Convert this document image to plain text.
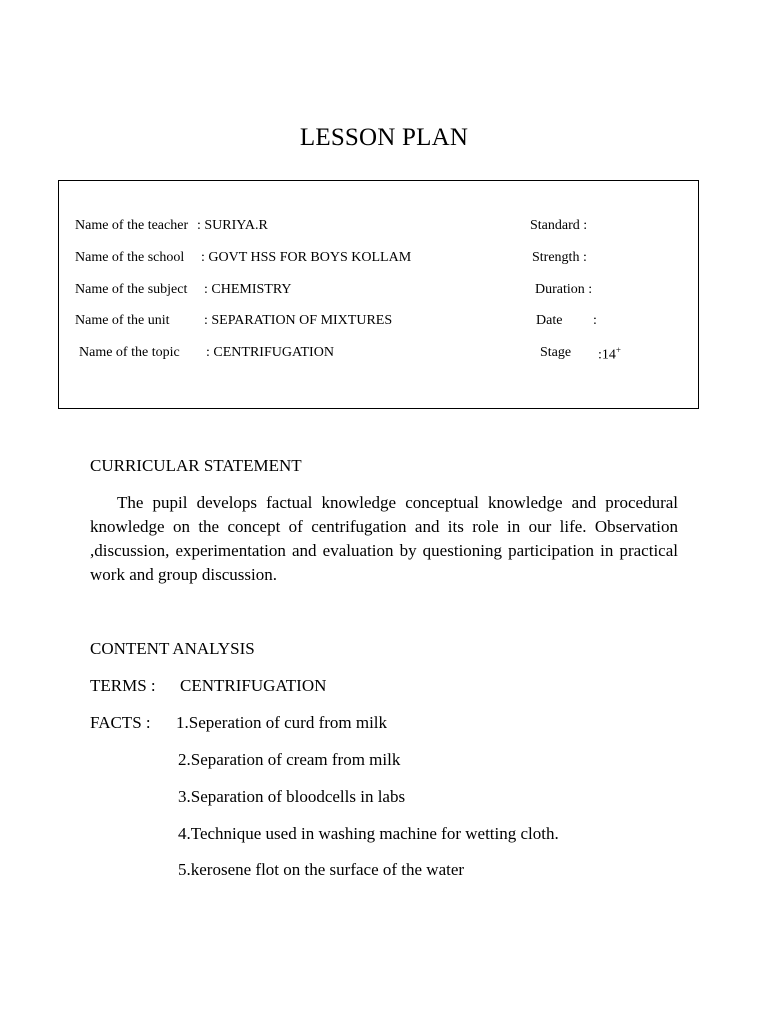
LESSON PLAN
Name of the teacher : SURIYA.R	Standard :
Name of the school : GOVT HSS FOR BOYS KOLLAM	Strength :
Name of the subject : CHEMISTRY	Duration :
Name of the unit : SEPARATION OF MIXTURES	Date :
Name of the topic : CENTRIFUGATION	Stage :14+
CURRICULAR STATEMENT
The pupil develops factual knowledge conceptual knowledge and procedural knowledge on the concept of centrifugation and its role in our life. Observation ,discussion, experimentation and evaluation by questioning participation in practical work and group discussion.
CONTENT ANALYSIS
TERMS : CENTRIFUGATION
FACTS : 1.Seperation of curd from milk
2.Separation of cream from milk
3.Separation of bloodcells in labs
4.Technique used in washing machine for wetting cloth.
5.kerosene flot on the surface of the water
